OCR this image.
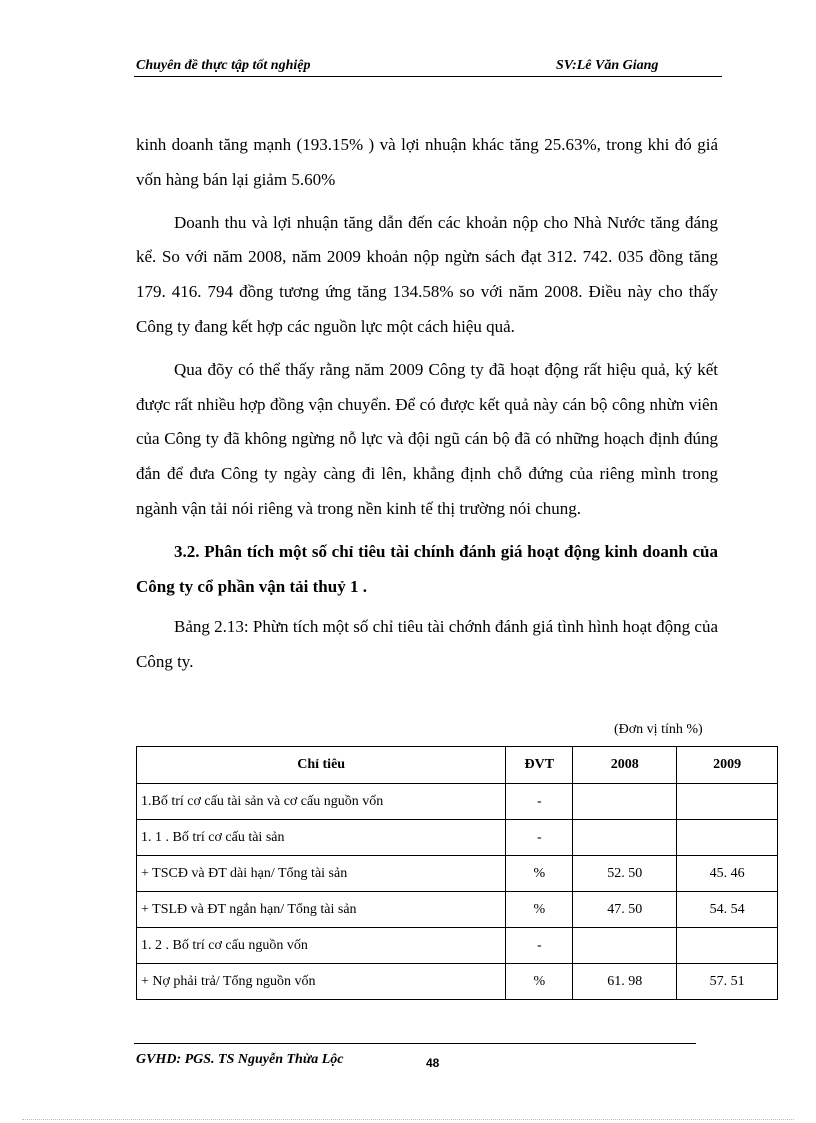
Chuyên đề thực tập tốt nghiệp	SV:Lê Văn Giang

kinh doanh tăng mạnh (193.15% ) và lợi nhuận khác tăng 25.63%, trong khi đó giá vốn hàng bán lại giảm 5.60%

Doanh thu và lợi nhuận tăng dẫn đến các khoản nộp cho Nhà Nước tăng đáng kể. So với năm 2008, năm 2009 khoản nộp ngừn sách đạt 312. 742. 035 đồng tăng 179. 416. 794 đồng tương ứng tăng 134.58% so với năm 2008. Điều này cho thấy Công ty đang kết hợp các nguồn lực một cách hiệu quả.

Qua đõy có thể thấy rằng năm 2009 Công ty đã hoạt động rất hiệu quả, ký kết được rất nhiều hợp đồng vận chuyển. Để có được kết quả này cán bộ công nhừn viên của Công ty đã không ngừng nỗ lực và đội ngũ cán bộ đã có những hoạch định đúng đắn để đưa Công ty ngày càng đi lên, khẳng định chỗ đứng của riêng mình trong ngành vận tải nói riêng và trong nền kinh tế thị trường nói chung.

3.2. Phân tích một số chỉ tiêu tài chính đánh giá hoạt động kinh doanh của Công ty cổ phần vận tải thuỷ 1 .

Bảng 2.13: Phừn tích một số chỉ tiêu tài chớnh đánh giá tình hình hoạt động của Công ty.

(Đơn vị tính %)
Chỉ tiêu	ĐVT	2008	2009
1.Bố trí cơ cấu tài sản và cơ cấu nguồn vốn	-		
1. 1 . Bố trí cơ cấu tài sản	-		
+ TSCĐ và ĐT dài hạn/ Tổng tài sản	%	52. 50	45. 46
+ TSLĐ và ĐT ngắn hạn/ Tổng tài sản	%	47. 50	54. 54
1. 2 . Bố trí cơ cấu nguồn vốn	-		
+ Nợ phải trả/ Tổng nguồn vốn	%	61. 98	57. 51
GVHD: PGS. TS Nguyễn Thừa Lộc	48
